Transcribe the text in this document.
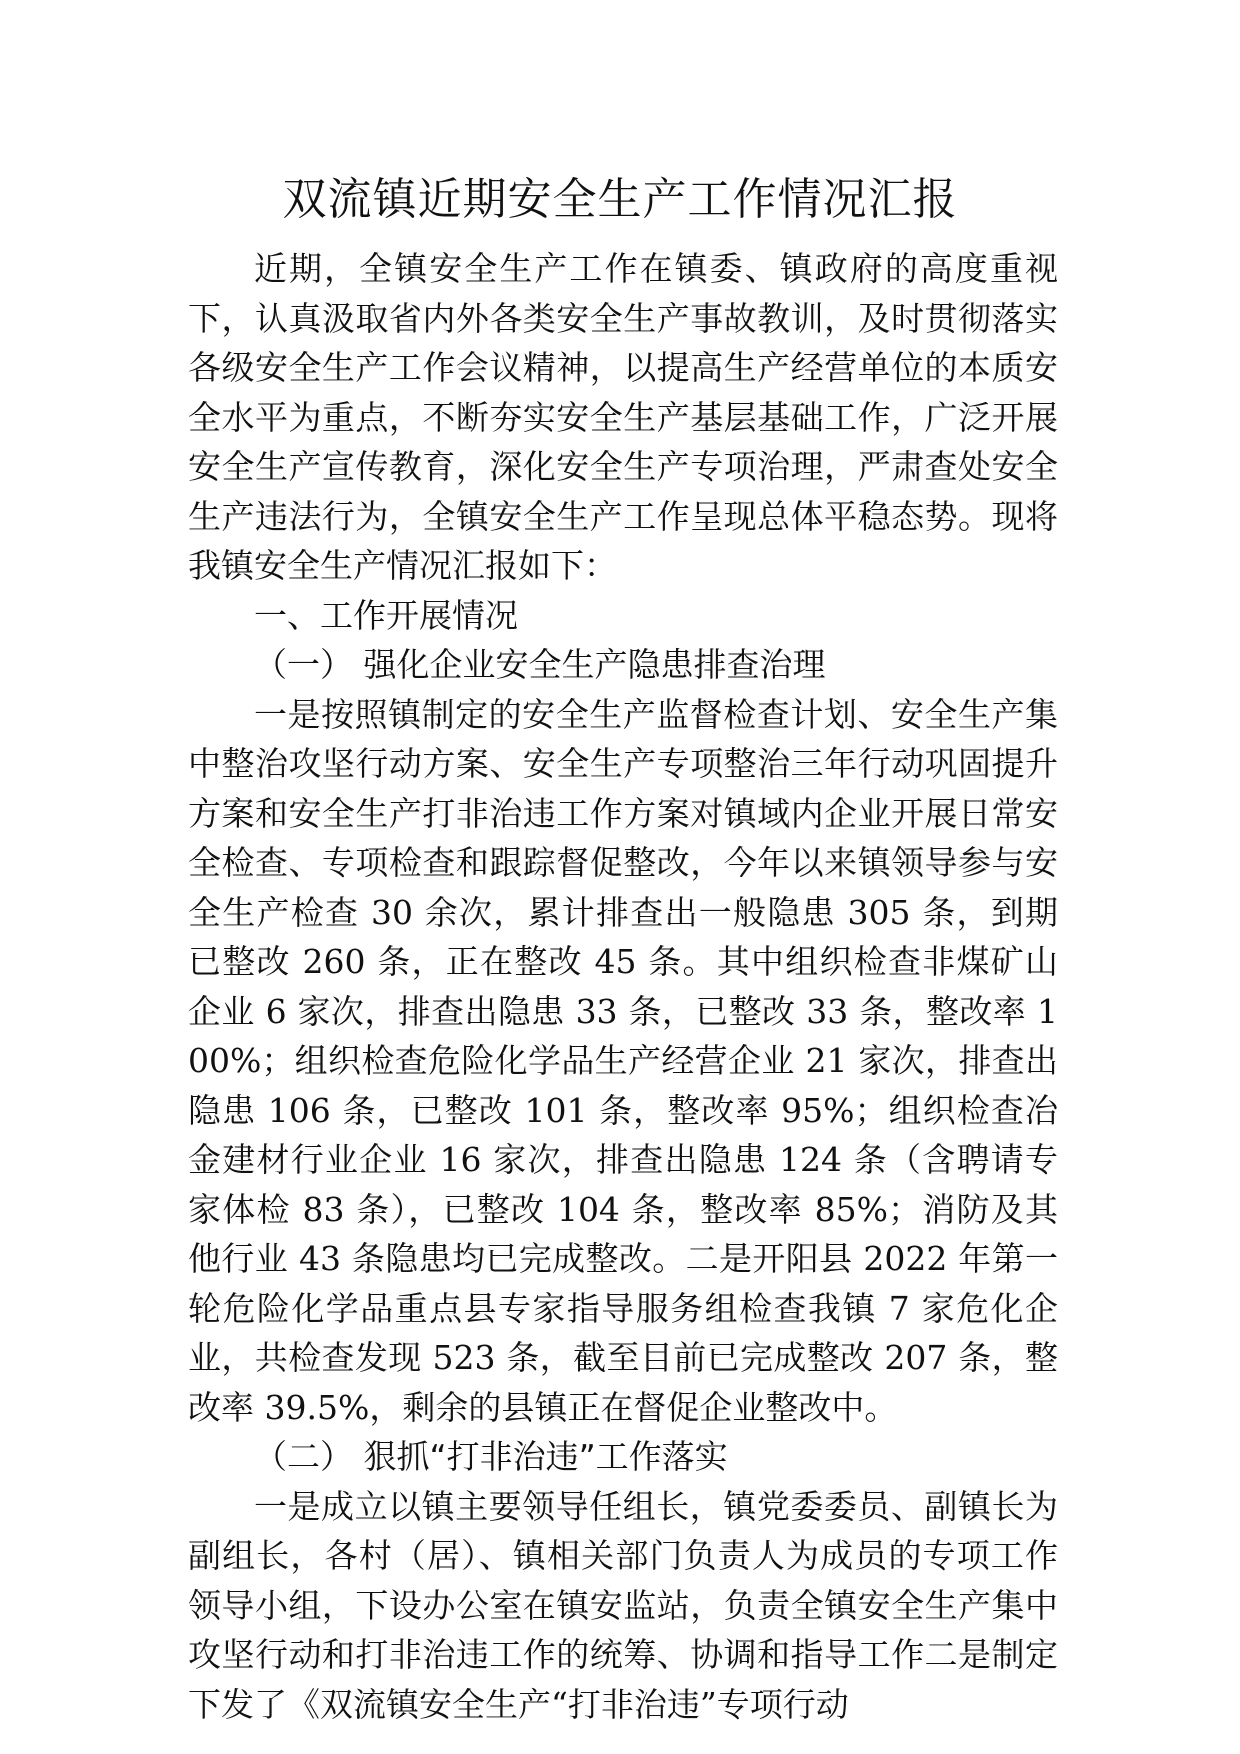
双流镇近期安全生产工作情况汇报

近期，全镇安全生产工作在镇委、镇政府的高度重视下，认真汲取省内外各类安全生产事故教训，及时贯彻落实各级安全生产工作会议精神，以提高生产经营单位的本质安全水平为重点，不断夯实安全生产基层基础工作，广泛开展安全生产宣传教育，深化安全生产专项治理，严肃查处安全生产违法行为，全镇安全生产工作呈现总体平稳态势。现将我镇安全生产情况汇报如下：

一、工作开展情况

（一） 强化企业安全生产隐患排查治理

一是按照镇制定的安全生产监督检查计划、安全生产集中整治攻坚行动方案、安全生产专项整治三年行动巩固提升方案和安全生产打非治违工作方案对镇域内企业开展日常安全检查、专项检查和跟踪督促整改，今年以来镇领导参与安全生产检查 30 余次，累计排查出一般隐患 305 条，到期已整改 260 条，正在整改 45 条。其中组织检查非煤矿山企业 6 家次，排查出隐患 33 条，已整改 33 条，整改率 100%；组织检查危险化学品生产经营企业 21 家次，排查出隐患 106 条，已整改 101 条，整改率 95%；组织检查冶金建材行业企业 16 家次，排查出隐患 124 条（含聘请专家体检 83 条），已整改 104 条，整改率 85%；消防及其他行业 43 条隐患均已完成整改。二是开阳县 2022 年第一轮危险化学品重点县专家指导服务组检查我镇 7 家危化企业，共检查发现 523 条，截至目前已完成整改 207 条，整改率 39.5%，剩余的县镇正在督促企业整改中。

（二） 狠抓“打非治违”工作落实

一是成立以镇主要领导任组长，镇党委委员、副镇长为副组长，各村（居）、镇相关部门负责人为成员的专项工作领导小组，下设办公室在镇安监站，负责全镇安全生产集中攻坚行动和打非治违工作的统筹、协调和指导工作二是制定下发了《双流镇安全生产“打非治违”专项行动
